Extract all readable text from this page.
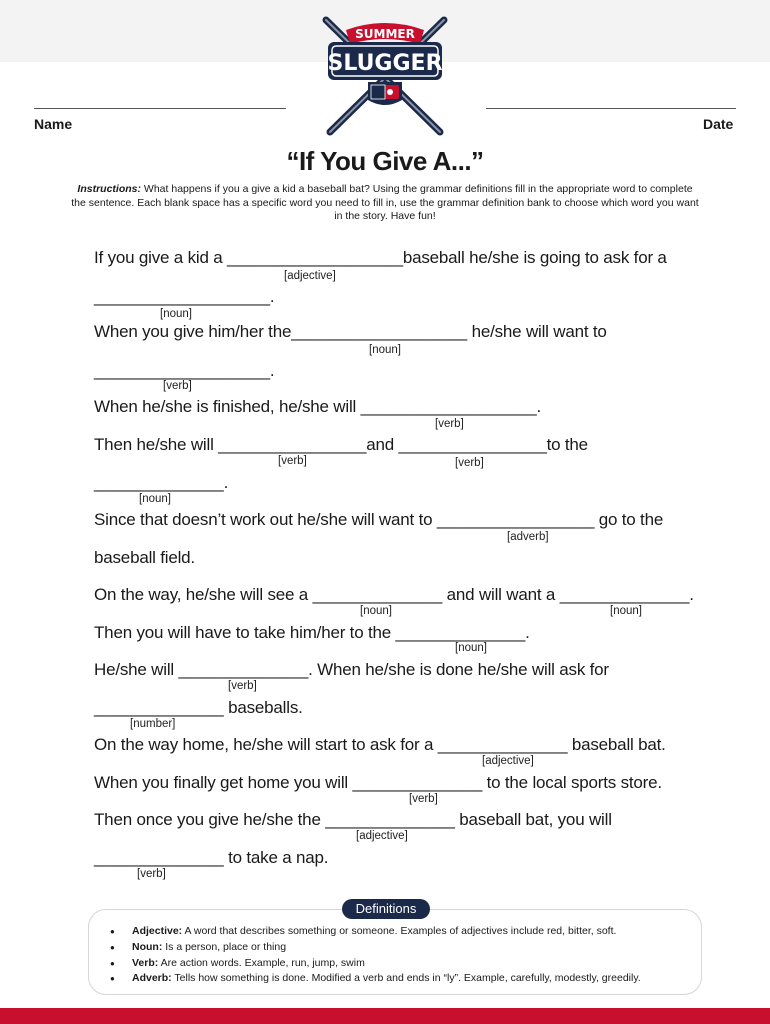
SUMMER
SLUGGER
Name	Date
“If You Give A...”
Instructions: What happens if you a give a kid a baseball bat? Using the grammar definitions fill in the appropriate word to complete the sentence. Each blank space has a specific word you need to fill in, use the grammar definition bank to choose which word you want in the story. Have fun!
If you give a kid a ___________________baseball he/she is going to ask for a
[adjective]
___________________.
[noun]
When you give him/her the___________________ he/she will want to
[noun]
___________________.
[verb]
When he/she is finished, he/she will ___________________.
[verb]
Then he/she will ________________and ________________to the
[verb]	[verb]
______________.
[noun]
Since that doesn’t work out he/she will want to _________________ go to the
[adverb]
baseball field.
On the way, he/she will see a ______________ and will want a ______________.
[noun]	[noun]
Then you will have to take him/her to the ______________.
[noun]
He/she will ______________. When he/she is done he/she will ask for
[verb]
______________ baseballs.
[number]
On the way home, he/she will start to ask for a ______________ baseball bat.
[adjective]
When you finally get home you will ______________ to the local sports store.
[verb]
Then once you give he/she the ______________ baseball bat, you will
[adjective]
______________ to take a nap.
[verb]
Definitions
● Adjective: A word that describes something or someone. Examples of adjectives include red, bitter, soft.
● Noun: Is a person, place or thing
● Verb: Are action words. Example, run, jump, swim
● Adverb: Tells how something is done. Modified a verb and ends in “ly”. Example, carefully, modestly, greedily.
